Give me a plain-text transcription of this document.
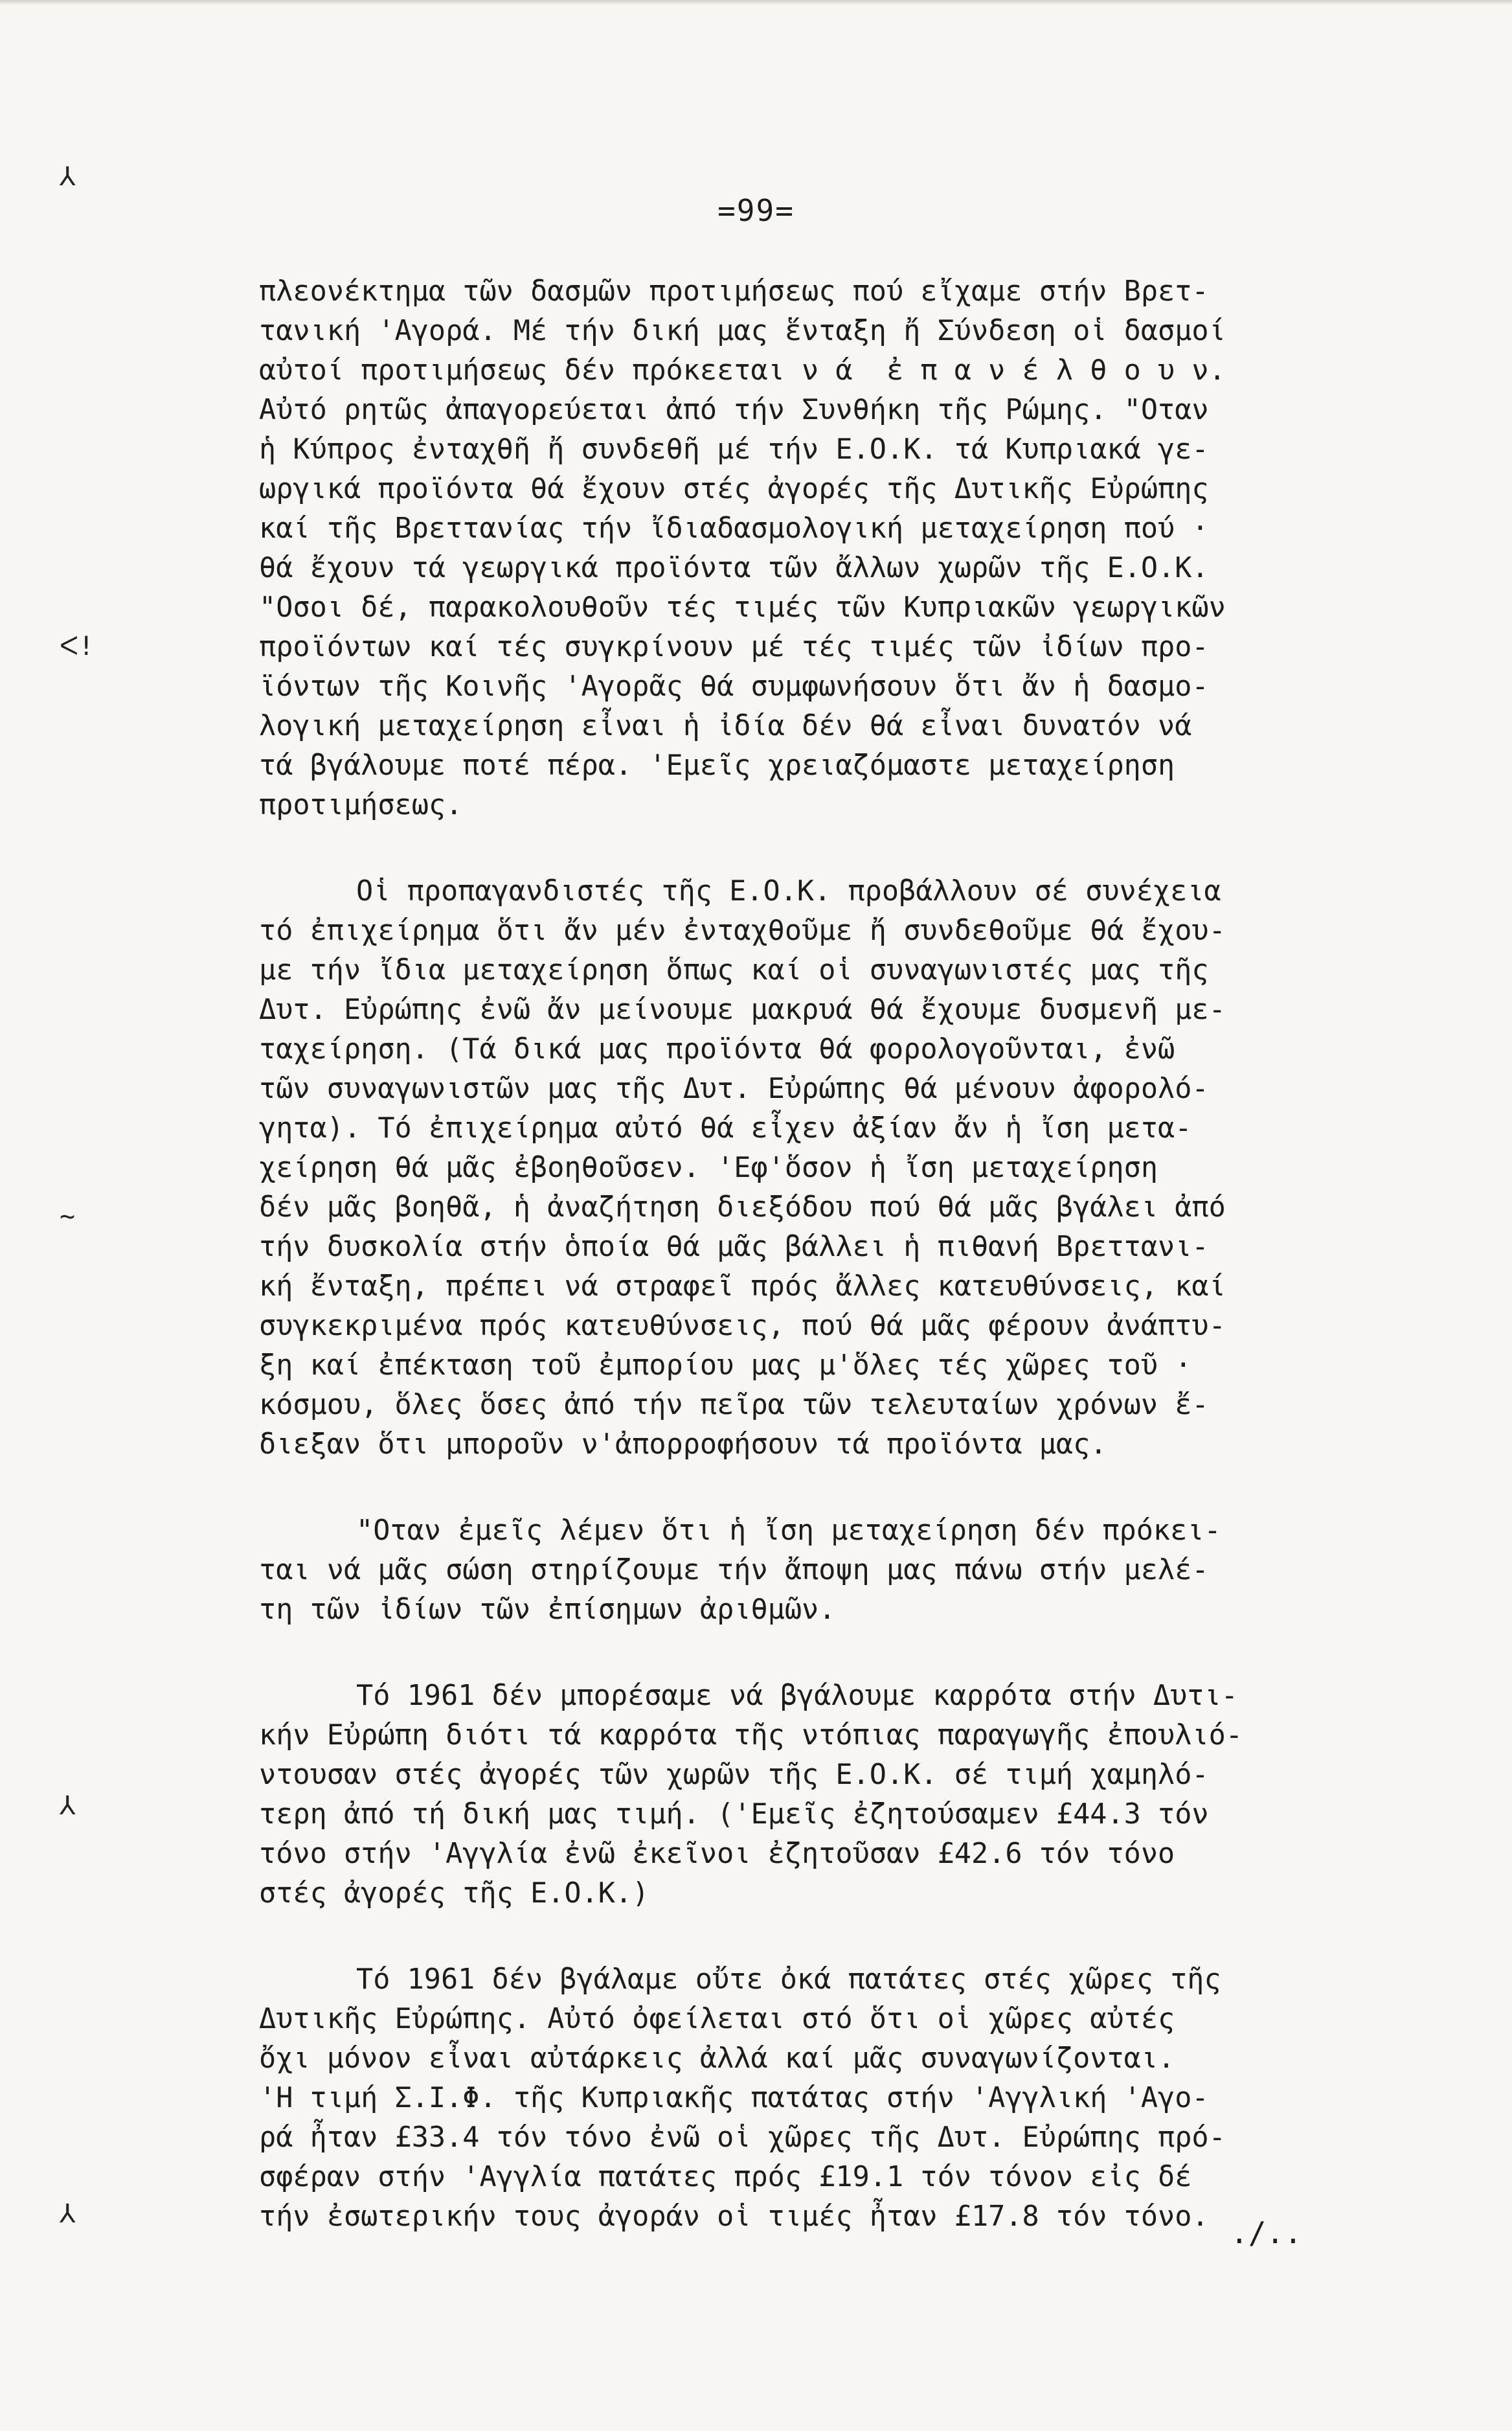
⅄
ᐸ!
~
⅄
⅄
=99=
πλεονέκτημα τῶν δασμῶν προτιμήσεως πού εἴχαμε στήν Βρετ-
τανική 'Αγορά. Μέ τήν δική μας ἕνταξη ἤ Σύνδεση οἱ δασμοί
αὐτοί προτιμήσεως δέν πρόκεεται ν ά  ἐ π α ν έ λ θ ο υ ν.
Αὐτό ρητῶς ἀπαγορεύεται ἀπό τήν Συνθήκη τῆς Ρώμης. "Οταν
ἡ Κύπρος ἐνταχθῆ ἤ συνδεθῆ μέ τήν Ε.Ο.Κ. τά Κυπριακά γε-
ωργικά προϊόντα θά ἔχουν στές ἀγορές τῆς Δυτικῆς Εὐρώπης
καί τῆς Βρεττανίας τήν ἴδιαδασμολογική μεταχείρηση πού ·
θά ἔχουν τά γεωργικά προϊόντα τῶν ἄλλων χωρῶν τῆς Ε.Ο.Κ.
"Οσοι δέ, παρακολουθοῦν τές τιμές τῶν Κυπριακῶν γεωργικῶν
προϊόντων καί τές συγκρίνουν μέ τές τιμές τῶν ἰδίων προ-
ϊόντων τῆς Κοινῆς 'Αγορᾶς θά συμφωνήσουν ὅτι ἄν ἡ δασμο-
λογική μεταχείρηση εἶναι ἡ ἰδία δέν θά εἶναι δυνατόν νά
τά βγάλουμε ποτέ πέρα. 'Εμεῖς χρειαζόμαστε μεταχείρηση
προτιμήσεως.
Οἱ προπαγανδιστές τῆς Ε.Ο.Κ. προβάλλουν σέ συνέχεια
τό ἐπιχείρημα ὅτι ἄν μέν ἐνταχθοῦμε ἤ συνδεθοῦμε θά ἔχου-
με τήν ἴδια μεταχείρηση ὅπως καί οἱ συναγωνιστές μας τῆς
Δυτ. Εὐρώπης ἐνῶ ἄν μείνουμε μακρυά θά ἔχουμε δυσμενῆ με-
ταχείρηση. (Τά δικά μας προϊόντα θά φορολογοῦνται, ἐνῶ
τῶν συναγωνιστῶν μας τῆς Δυτ. Εὐρώπης θά μένουν ἀφορολό-
γητα). Τό ἐπιχείρημα αὐτό θά εἶχεν ἀξίαν ἄν ἡ ἴση μετα-
χείρηση θά μᾶς ἐβοηθοῦσεν. 'Εφ'ὅσον ἡ ἴση μεταχείρηση
δέν μᾶς βοηθᾶ, ἡ ἀναζήτηση διεξόδου πού θά μᾶς βγάλει ἀπό
τήν δυσκολία στήν ὁποία θά μᾶς βάλλει ἡ πιθανή Βρεττανι-
κή ἔνταξη, πρέπει νά στραφεῖ πρός ἄλλες κατευθύνσεις, καί
συγκεκριμένα πρός κατευθύνσεις, πού θά μᾶς φέρουν ἀνάπτυ-
ξη καί ἐπέκταση τοῦ ἐμπορίου μας μ'ὅλες τές χῶρες τοῦ ·
κόσμου, ὅλες ὅσες ἀπό τήν πεῖρα τῶν τελευταίων χρόνων ἔ-
διεξαν ὅτι μποροῦν ν'ἀπορροφήσουν τά προϊόντα μας.
"Οταν ἐμεῖς λέμεν ὅτι ἡ ἴση μεταχείρηση δέν πρόκει-
ται νά μᾶς σώση στηρίζουμε τήν ἄποψη μας πάνω στήν μελέ-
τη τῶν ἰδίων τῶν ἐπίσημων ἀριθμῶν.
Τό 1961 δέν μπορέσαμε νά βγάλουμε καρρότα στήν Δυτι-
κήν Εὐρώπη διότι τά καρρότα τῆς ντόπιας παραγωγῆς ἐπουλιό-
ντουσαν στές ἀγορές τῶν χωρῶν τῆς Ε.Ο.Κ. σέ τιμή χαμηλό-
τερη ἀπό τή δική μας τιμή. ('Εμεῖς ἐζητούσαμεν £44.3 τόν
τόνο στήν 'Αγγλία ἐνῶ ἐκεῖνοι ἐζητοῦσαν £42.6 τόν τόνο
στές ἀγορές τῆς Ε.Ο.Κ.)
Τό 1961 δέν βγάλαμε οὔτε ὀκά πατάτες στές χῶρες τῆς
Δυτικῆς Εὐρώπης. Αὐτό ὀφείλεται στό ὅτι οἱ χῶρες αὐτές
ὄχι μόνον εἶναι αὐτάρκεις ἀλλά καί μᾶς συναγωνίζονται.
'Η τιμή Σ.Ι.Φ. τῆς Κυπριακῆς πατάτας στήν 'Αγγλική 'Αγο-
ρά ἦταν £33.4 τόν τόνο ἐνῶ οἱ χῶρες τῆς Δυτ. Εὐρώπης πρό-
σφέραν στήν 'Αγγλία πατάτες πρός £19.1 τόν τόνον εἰς δέ
τήν ἐσωτερικήν τους ἀγοράν οἱ τιμές ἦταν £17.8 τόν τόνο. ./..
